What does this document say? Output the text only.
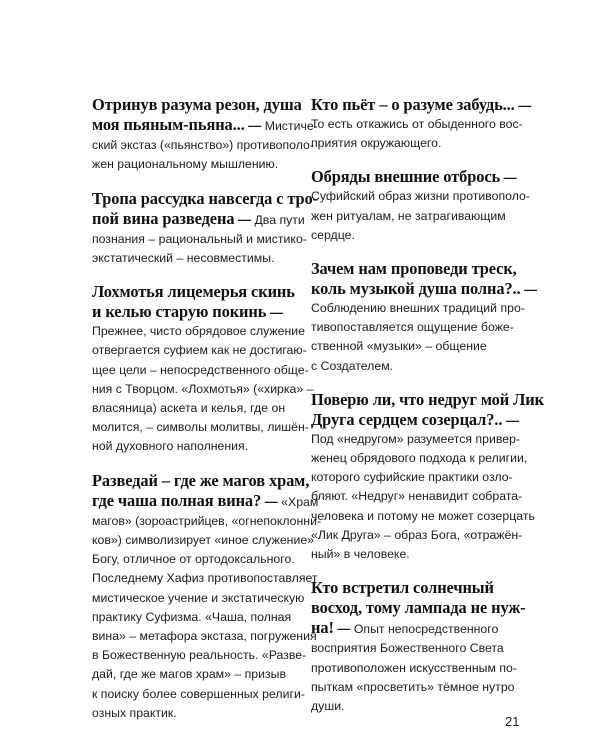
Отринув разума резон, душа
моя пьяным-пьяна... — Мистиче-
ский экстаз («пьянство») противополо-
жен рациональному мышлению.
Тропа рассудка навсегда с тро-
пой вина разведена — Два пути
познания – рациональный и мистико-
экстатический – несовместимы.
Лохмотья лицемерья скинь
и келью старую покинь —
Прежнее, чисто обрядовое служение
отвергается суфием как не достигаю-
щее цели – непосредственного обще-
ния с Творцом. «Лохмотья» («хирка» –
власяница) аскета и келья, где он
молится, – символы молитвы, лишён-
ной духовного наполнения.
Разведай – где же магов храм,
где чаша полная вина? — «Храм
магов» (зороастрийцев, «огнепоклонни-
ков») символизирует «иное служение»
Богу, отличное от ортодоксального.
Последнему Хафиз противопоставляет
мистическое учение и экстатическую
практику Суфизма. «Чаша, полная
вина» – метафора экстаза, погружения
в Божественную реальность. «Разве-
дай, где же магов храм» – призыв
к поиску более совершенных религи-
озных практик.
Кто пьёт – о разуме забудь... —
То есть откажись от обыденного вос-
приятия окружающего.
Обряды внешние отбрось —
Суфийский образ жизни противополо-
жен ритуалам, не затрагивающим
сердце.
Зачем нам проповеди треск,
коль музыкой душа полна?.. —
Соблюдению внешних традиций про-
тивопоставляется ощущение боже-
ственной «музыки» – общение
с Создателем.
Поверю ли, что недруг мой Лик
Друга сердцем созерцал?.. —
Под «недругом» разумеется привер-
женец обрядового подхода к религии,
которого суфийские практики озло-
бляют. «Недруг» ненавидит собрата-
человека и потому не может созерцать
«Лик Друга» – образ Бога, «отражён-
ный» в человеке.
Кто встретил солнечный
восход, тому лампада не нуж-
на! — Опыт непосредственного
восприятия Божественного Света
противоположен искусственным по-
пыткам «просветить» тёмное нутро
души.
21
